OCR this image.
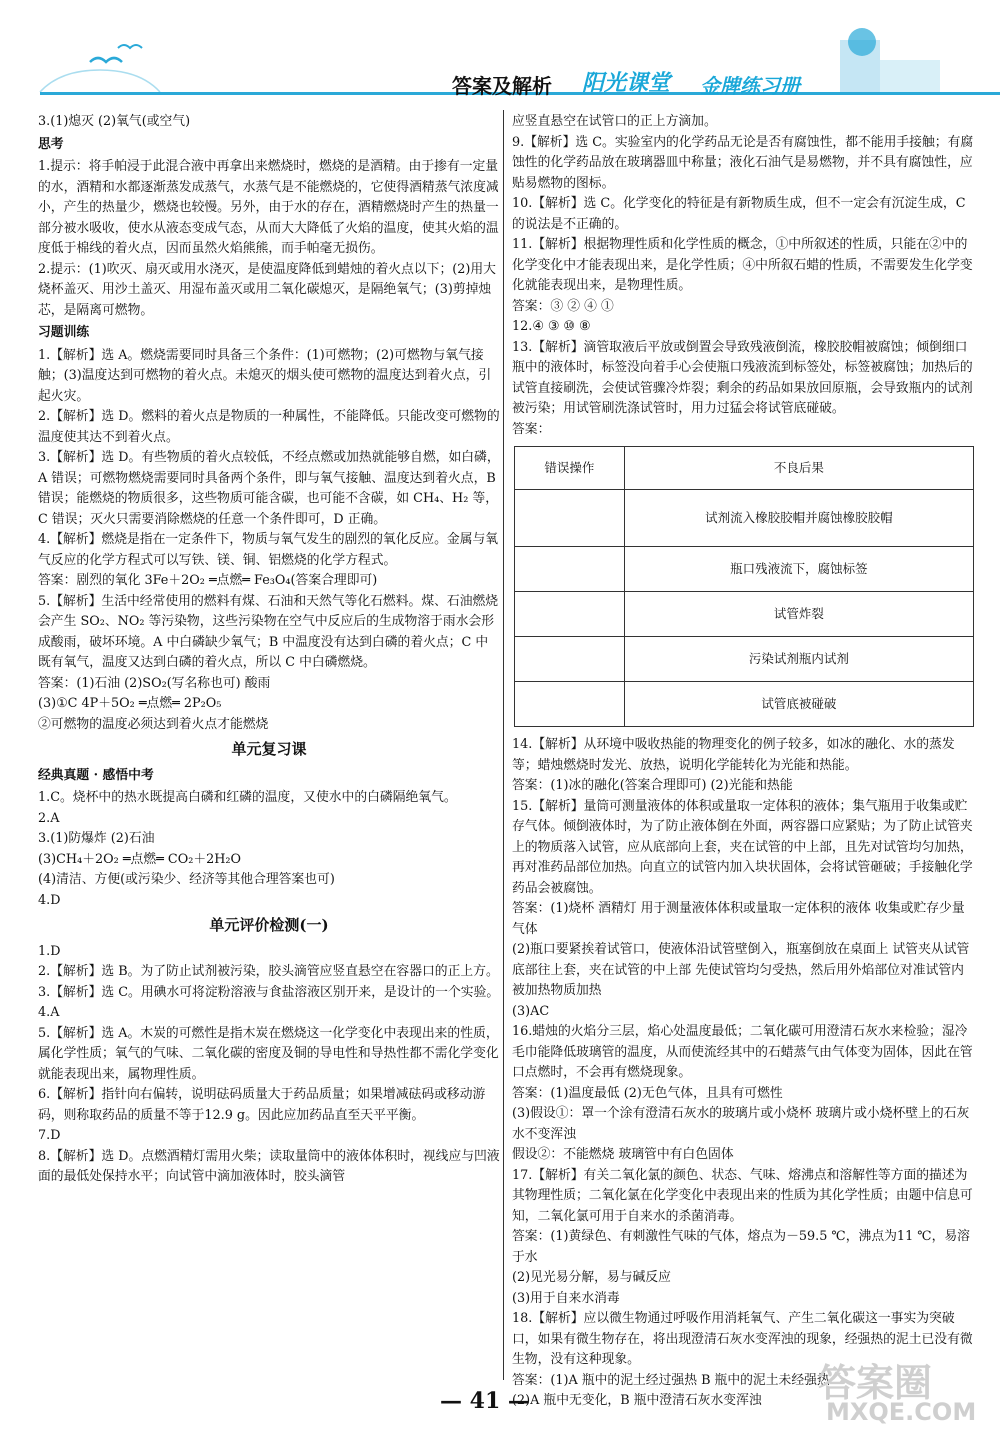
答案及解析 阳光课堂 金牌练习册

3.(1)熄灭 (2)氧气(或空气)

思考

1.提示：将手帕浸于此混合液中再拿出来燃烧时，燃烧的是酒精。由于掺有一定量的水，酒精和水都逐渐蒸发成蒸气，水蒸气是不能燃烧的，它使得酒精蒸气浓度减小，产生的热量少，燃烧也较慢。另外，由于水的存在，酒精燃烧时产生的热量一部分被水吸收，使水从液态变成气态，从而大大降低了火焰的温度，使其火焰的温度低于棉线的着火点，因而虽然火焰熊熊，而手帕毫无损伤。

2.提示：(1)吹灭、扇灭或用水浇灭，是使温度降低到蜡烛的着火点以下；(2)用大烧杯盖灭、用沙土盖灭、用湿布盖灭或用二氧化碳熄灭，是隔绝氧气；(3)剪掉烛芯，是隔离可燃物。

习题训练

1.【解析】选 A。燃烧需要同时具备三个条件：(1)可燃物；(2)可燃物与氧气接触；(3)温度达到可燃物的着火点。未熄灭的烟头使可燃物的温度达到着火点，引起火灾。

2.【解析】选 D。燃料的着火点是物质的一种属性，不能降低。只能改变可燃物的温度使其达不到着火点。

3.【解析】选 D。有些物质的着火点较低，不经点燃或加热就能够自燃，如白磷，A 错误；可燃物燃烧需要同时具备两个条件，即与氧气接触、温度达到着火点，B 错误；能燃烧的物质很多，这些物质可能含碳，也可能不含碳，如 CH₄、H₂ 等，C 错误；灭火只需要消除燃烧的任意一个条件即可，D 正确。

4.【解析】燃烧是指在一定条件下，物质与氧气发生的剧烈的氧化反应。金属与氧气反应的化学方程式可以写铁、镁、铜、铝燃烧的化学方程式。

答案：剧烈的氧化 3Fe＋2O₂ ═点燃═ Fe₃O₄(答案合理即可)

5.【解析】生活中经常使用的燃料有煤、石油和天然气等化石燃料。煤、石油燃烧会产生 SO₂、NO₂ 等污染物，这些污染物在空气中反应后的生成物溶于雨水会形成酸雨，破坏环境。A 中白磷缺少氧气；B 中温度没有达到白磷的着火点；C 中既有氧气，温度又达到白磷的着火点，所以 C 中白磷燃烧。

答案：(1)石油 (2)SO₂(写名称也可) 酸雨

(3)①C 4P＋5O₂ ═点燃═ 2P₂O₅

②可燃物的温度必须达到着火点才能燃烧

单元复习课

经典真题 · 感悟中考

1.C。烧杯中的热水既提高白磷和红磷的温度，又使水中的白磷隔绝氧气。

2.A

3.(1)防爆炸 (2)石油

(3)CH₄＋2O₂ ═点燃═ CO₂＋2H₂O

(4)清洁、方便(或污染少、经济等其他合理答案也可)

4.D

单元评价检测(一)

1.D

2.【解析】选 B。为了防止试剂被污染，胶头滴管应竖直悬空在容器口的正上方。

3.【解析】选 C。用碘水可将淀粉溶液与食盐溶液区别开来，是设计的一个实验。

4.A

5.【解析】选 A。木炭的可燃性是指木炭在燃烧这一化学变化中表现出来的性质，属化学性质；氧气的气味、二氧化碳的密度及铜的导电性和导热性都不需化学变化就能表现出来，属物理性质。

6.【解析】指针向右偏转，说明砝码质量大于药品质量；如果增减砝码或移动游码，则称取药品的质量不等于12.9 g。因此应加药品直至天平平衡。

7.D

8.【解析】选 D。点燃酒精灯需用火柴；读取量筒中的液体体积时，视线应与凹液面的最低处保持水平；向试管中滴加液体时，胶头滴管

应竖直悬空在试管口的正上方滴加。

9.【解析】选 C。实验室内的化学药品无论是否有腐蚀性，都不能用手接触；有腐蚀性的化学药品放在玻璃器皿中称量；液化石油气是易燃物，并不具有腐蚀性，应贴易燃物的图标。

10.【解析】选 C。化学变化的特征是有新物质生成，但不一定会有沉淀生成，C 的说法是不正确的。

11.【解析】根据物理性质和化学性质的概念，①中所叙述的性质，只能在②中的化学变化中才能表现出来，是化学性质；④中所叙石蜡的性质，不需要发生化学变化就能表现出来，是物理性质。

答案：③ ② ④ ①

12.④ ③ ⑩ ⑧

13.【解析】滴管取液后平放或倒置会导致残液倒流，橡胶胶帽被腐蚀；倾倒细口瓶中的液体时，标签没向着手心会使瓶口残液流到标签处，标签被腐蚀；加热后的试管直接刷洗，会使试管骤冷炸裂；剩余的药品如果放回原瓶，会导致瓶内的试剂被污染；用试管刷洗涤试管时，用力过猛会将试管底碰破。

答案：

错误操作	不良后果
	试剂流入橡胶胶帽并腐蚀橡胶胶帽
	瓶口残液流下，腐蚀标签
	试管炸裂
	污染试剂瓶内试剂
	试管底被碰破

14.【解析】从环境中吸收热能的物理变化的例子较多，如冰的融化、水的蒸发等；蜡烛燃烧时发光、放热，说明化学能转化为光能和热能。

答案：(1)冰的融化(答案合理即可) (2)光能和热能

15.【解析】量筒可测量液体的体积或量取一定体积的液体；集气瓶用于收集或贮存气体。倾倒液体时，为了防止液体倒在外面，两容器口应紧贴；为了防止试管夹上的物质落入试管，应从底部向上套，夹在试管的中上部，且先对试管均匀加热，再对准药品部位加热。向直立的试管内加入块状固体，会将试管砸破；手接触化学药品会被腐蚀。

答案：(1)烧杯 酒精灯 用于测量液体体积或量取一定体积的液体 收集或贮存少量气体

(2)瓶口要紧挨着试管口，使液体沿试管壁倒入，瓶塞倒放在桌面上 试管夹从试管底部往上套，夹在试管的中上部 先使试管均匀受热，然后用外焰部位对准试管内被加热物质加热

(3)AC

16.蜡烛的火焰分三层，焰心处温度最低；二氧化碳可用澄清石灰水来检验；湿冷毛巾能降低玻璃管的温度，从而使流经其中的石蜡蒸气由气体变为固体，因此在管口点燃时，不会再有燃烧现象。

答案：(1)温度最低 (2)无色气体，且具有可燃性

(3)假设①：罩一个涂有澄清石灰水的玻璃片或小烧杯 玻璃片或小烧杯壁上的石灰水不变浑浊

假设②：不能燃烧 玻璃管中有白色固体

17.【解析】有关二氧化氯的颜色、状态、气味、熔沸点和溶解性等方面的描述为其物理性质；二氧化氯在化学变化中表现出来的性质为其化学性质；由题中信息可知，二氧化氯可用于自来水的杀菌消毒。

答案：(1)黄绿色、有刺激性气味的气体，熔点为－59.5 ℃，沸点为11 ℃，易溶于水

(2)见光易分解，易与碱反应

(3)用于自来水消毒

18.【解析】应以微生物通过呼吸作用消耗氧气、产生二氧化碳这一事实为突破口，如果有微生物存在，将出现澄清石灰水变浑浊的现象，经强热的泥土已没有微生物，没有这种现象。

答案：(1)A 瓶中的泥土经过强热 B 瓶中的泥土未经强热

(2)A 瓶中无变化，B 瓶中澄清石灰水变浑浊

— 41 —	答案圈
MXQE.COM
